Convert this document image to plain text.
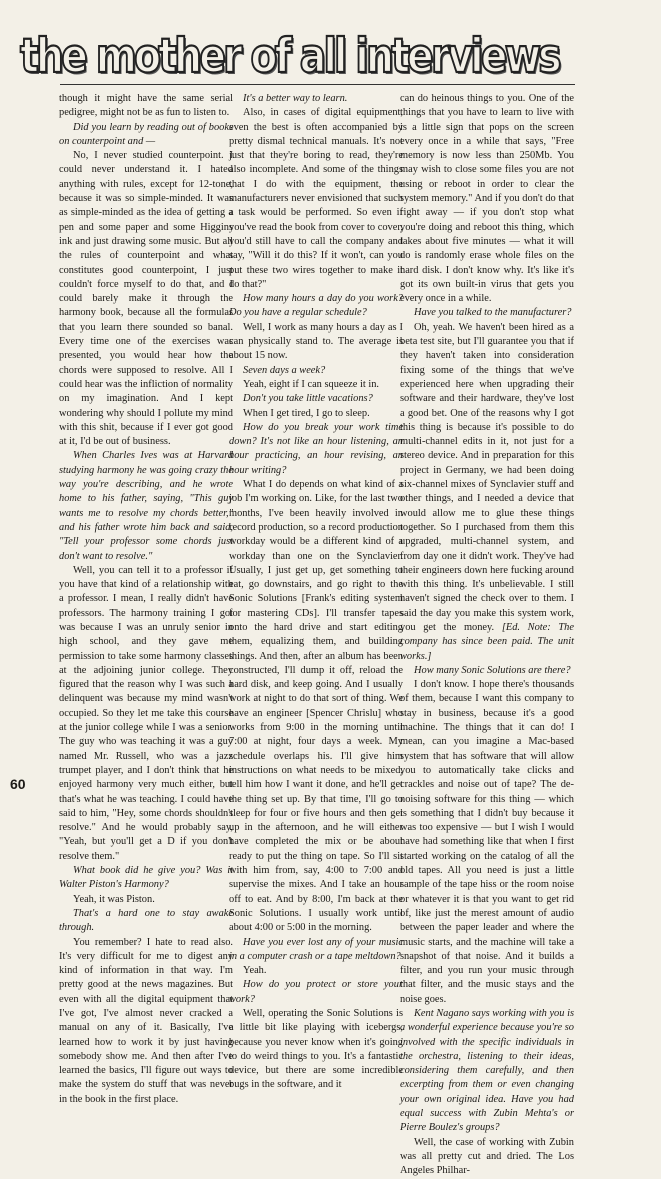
the mother of all interviews

though it might have the same serial pedigree, might not be as fun to listen to.

Did you learn by reading out of books on counterpoint and —

No, I never studied counterpoint. I could never understand it. I hated anything with rules, except for 12-tone, because it was so simple-minded. It was as simple-minded as the idea of getting a pen and some paper and some Higgins ink and just drawing some music. But all the rules of counterpoint and what constitutes good counterpoint, I just couldn't force myself to do that, and I could barely make it through the harmony book, because all the formulas that you learn there sounded so banal. Every time one of the exercises was presented, you would hear how the chords were supposed to resolve. All I could hear was the infliction of normality on my imagination. And I kept wondering why should I pollute my mind with this shit, because if I ever got good at it, I'd be out of business.

When Charles Ives was at Harvard studying harmony he was going crazy the way you're describing, and he wrote home to his father, saying, "This guy wants me to resolve my chords better," and his father wrote him back and said, "Tell your professor some chords just don't want to resolve."

Well, you can tell it to a professor if you have that kind of a relationship with a professor. I mean, I really didn't have professors. The harmony training I got was because I was an unruly senior in high school, and they gave me permission to take some harmony classes at the adjoining junior college. They figured that the reason why I was such a delinquent was because my mind wasn't occupied. So they let me take this course at the junior college while I was a senior. The guy who was teaching it was a guy named Mr. Russell, who was a jazz trumpet player, and I don't think that he enjoyed harmony very much either, but that's what he was teaching. I could have said to him, "Hey, some chords shouldn't resolve." And he would probably say, "Yeah, but you'll get a D if you don't resolve them."

What book did he give you? Was it Walter Piston's Harmony?

Yeah, it was Piston.

That's a hard one to stay awake through.

You remember? I hate to read also. It's very difficult for me to digest any kind of information in that way. I'm pretty good at the news magazines. But even with all the digital equipment that I've got, I've almost never cracked a manual on any of it. Basically, I've learned how to work it by just having somebody show me. And then after I've learned the basics, I'll figure out ways to make the system do stuff that was never in the book in the first place.

It's a better way to learn.

Also, in cases of digital equipment, even the best is often accompanied by pretty dismal technical manuals. It's not just that they're boring to read, they're also incomplete. And some of the things that I do with the equipment, the manufacturers never envisioned that such a task would be performed. So even if you've read the book from cover to cover, you'd still have to call the company and say, "Will it do this? If it won't, can you put these two wires together to make it do that?"

How many hours a day do you work? Do you have a regular schedule?

Well, I work as many hours a day as I can physically stand to. The average is about 15 now.

Seven days a week?

Yeah, eight if I can squeeze it in.

Don't you take little vacations?

When I get tired, I go to sleep.

How do you break your work time down? It's not like an hour listening, an hour practicing, an hour revising, an hour writing?

What I do depends on what kind of a job I'm working on. Like, for the last two months, I've been heavily involved in record production, so a record production workday would be a different kind of a workday than one on the Synclavier. Usually, I just get up, get something to eat, go downstairs, and go right to the Sonic Solutions [Frank's editing system for mastering CDs]. I'll transfer tapes onto the hard drive and start editing them, equalizing them, and building things. And then, after an album has been constructed, I'll dump it off, reload the hard disk, and keep going. And I usually work at night to do that sort of thing. We have an engineer [Spencer Chrislu] who works from 9:00 in the morning until 7:00 at night, four days a week. My schedule overlaps his. I'll give him instructions on what needs to be mixed, tell him how I want it done, and he'll get the thing set up. By that time, I'll go to sleep for four or five hours and then get up in the afternoon, and he will either have completed the mix or be about ready to put the thing on tape. So I'll sit with him from, say, 4:00 to 7:00 and supervise the mixes. And I take an hour off to eat. And by 8:00, I'm back at the Sonic Solutions. I usually work until about 4:00 or 5:00 in the morning.

Have you ever lost any of your music in a computer crash or a tape meltdown?

Yeah.

How do you protect or store your work?

Well, operating the Sonic Solutions is a little bit like playing with icebergs, because you never know when it's going to do weird things to you. It's a fantastic device, but there are some incredible bugs in the software, and it

can do heinous things to you. One of the things that you have to learn to live with is a little sign that pops on the screen every once in a while that says, "Free memory is now less than 250Mb. You may wish to close some files you are not using or reboot in order to clear the system memory." And if you don't do that right away — if you don't stop what you're doing and reboot this thing, which takes about five minutes — what it will do is randomly erase whole files on the hard disk. I don't know why. It's like it's got its own built-in virus that gets you every once in a while.

Have you talked to the manufacturer?

Oh, yeah. We haven't been hired as a beta test site, but I'll guarantee you that if they haven't taken into consideration fixing some of the things that we've experienced here when upgrading their software and their hardware, they've lost a good bet. One of the reasons why I got this thing is because it's possible to do multi-channel edits in it, not just for a stereo device. And in preparation for this project in Germany, we had been doing six-channel mixes of Synclavier stuff and other things, and I needed a device that would allow me to glue these things together. So I purchased from them this upgraded, multi-channel system, and from day one it didn't work. They've had their engineers down here fucking around with this thing. It's unbelievable. I still haven't signed the check over to them. I said the day you make this system work, you get the money. [Ed. Note: The company has since been paid. The unit works.]

How many Sonic Solutions are there?

I don't know. I hope there's thousands of them, because I want this company to stay in business, because it's a good machine. The things that it can do! I mean, can you imagine a Mac-based system that has software that will allow you to automatically take clicks and crackles and noise out of tape? The de-noising software for this thing — which is something that I didn't buy because it was too expensive — but I wish I would have had something like that when I first started working on the catalog of all the old tapes. All you need is just a little sample of the tape hiss or the room noise or whatever it is that you want to get rid of, like just the merest amount of audio between the paper leader and where the music starts, and the machine will take a snapshot of that noise. And it builds a filter, and you run your music through that filter, and the music stays and the noise goes.

Kent Nagano says working with you is a wonderful experience because you're so involved with the specific individuals in the orchestra, listening to their ideas, considering them carefully, and then excerpting from them or even changing your own original idea. Have you had equal success with Zubin Mehta's or Pierre Boulez's groups?

Well, the case of working with Zubin was all pretty cut and dried. The Los Angeles Philhar-

60
